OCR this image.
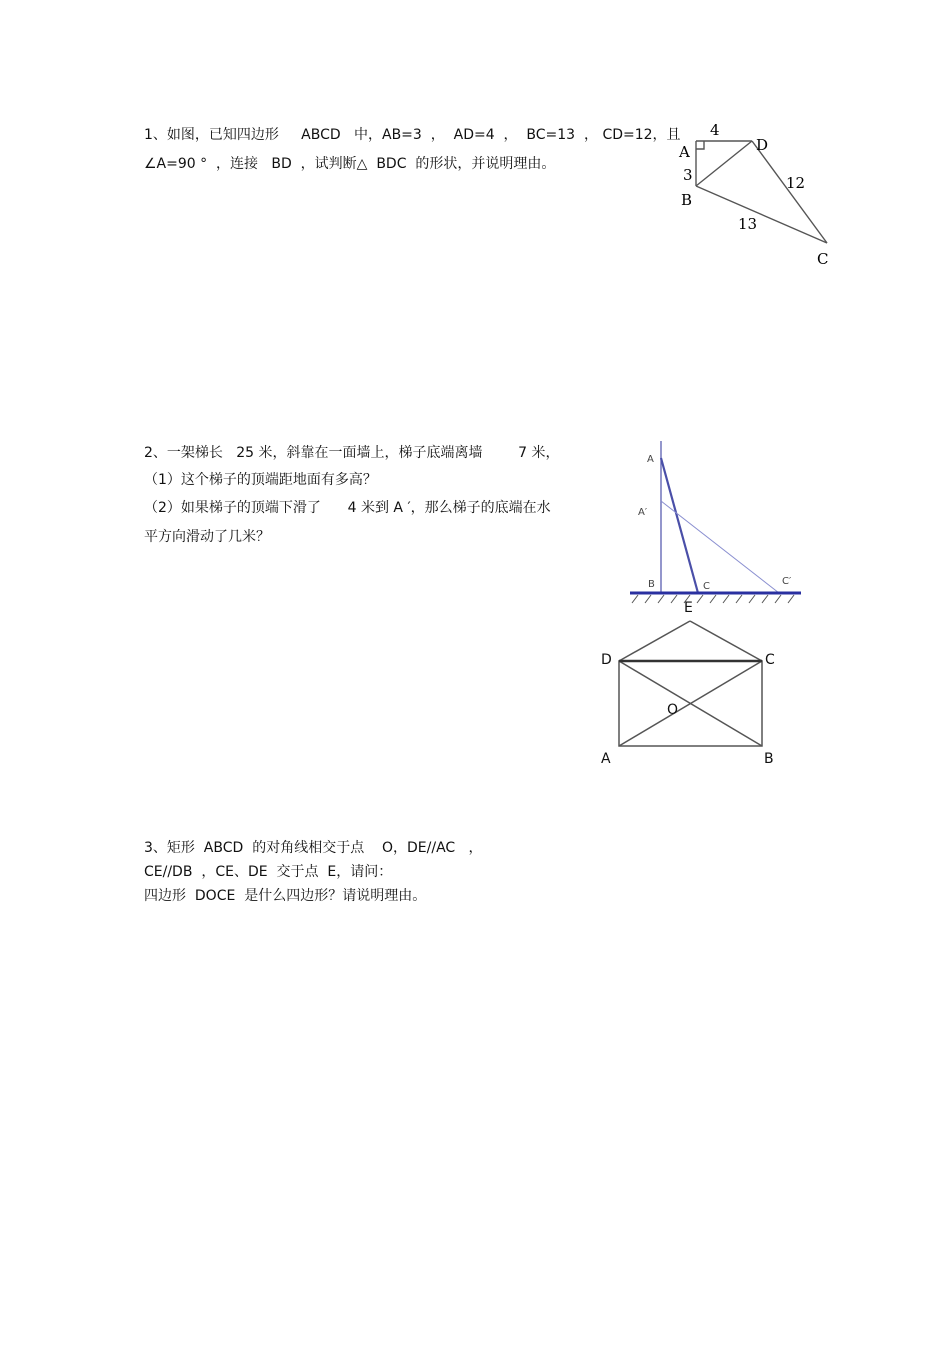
1、如图，已知四边形     ABCD   中，AB=3  ，  AD=4  ，  BC=13  ， CD=12，且
∠A=90 °  ，连接   BD  ，试判断△  BDC  的形状，并说明理由。
A
B
C
D
4
3	12
13
2、一架梯长   25 米，斜靠在一面墙上，梯子底端离墙        7 米，
（1）这个梯子的顶端距地面有多高？
（2）如果梯子的顶端下滑了      4 米到 A ′，那么梯子的底端在水
平方向滑动了几米？
A
A′
B	C	C′
E
D	C
O
A	B
3、矩形  ABCD  的对角线相交于点    O，DE//AC   ，
CE//DB  ，CE、DE  交于点  E，请问：
四边形  DOCE  是什么四边形？请说明理由。
